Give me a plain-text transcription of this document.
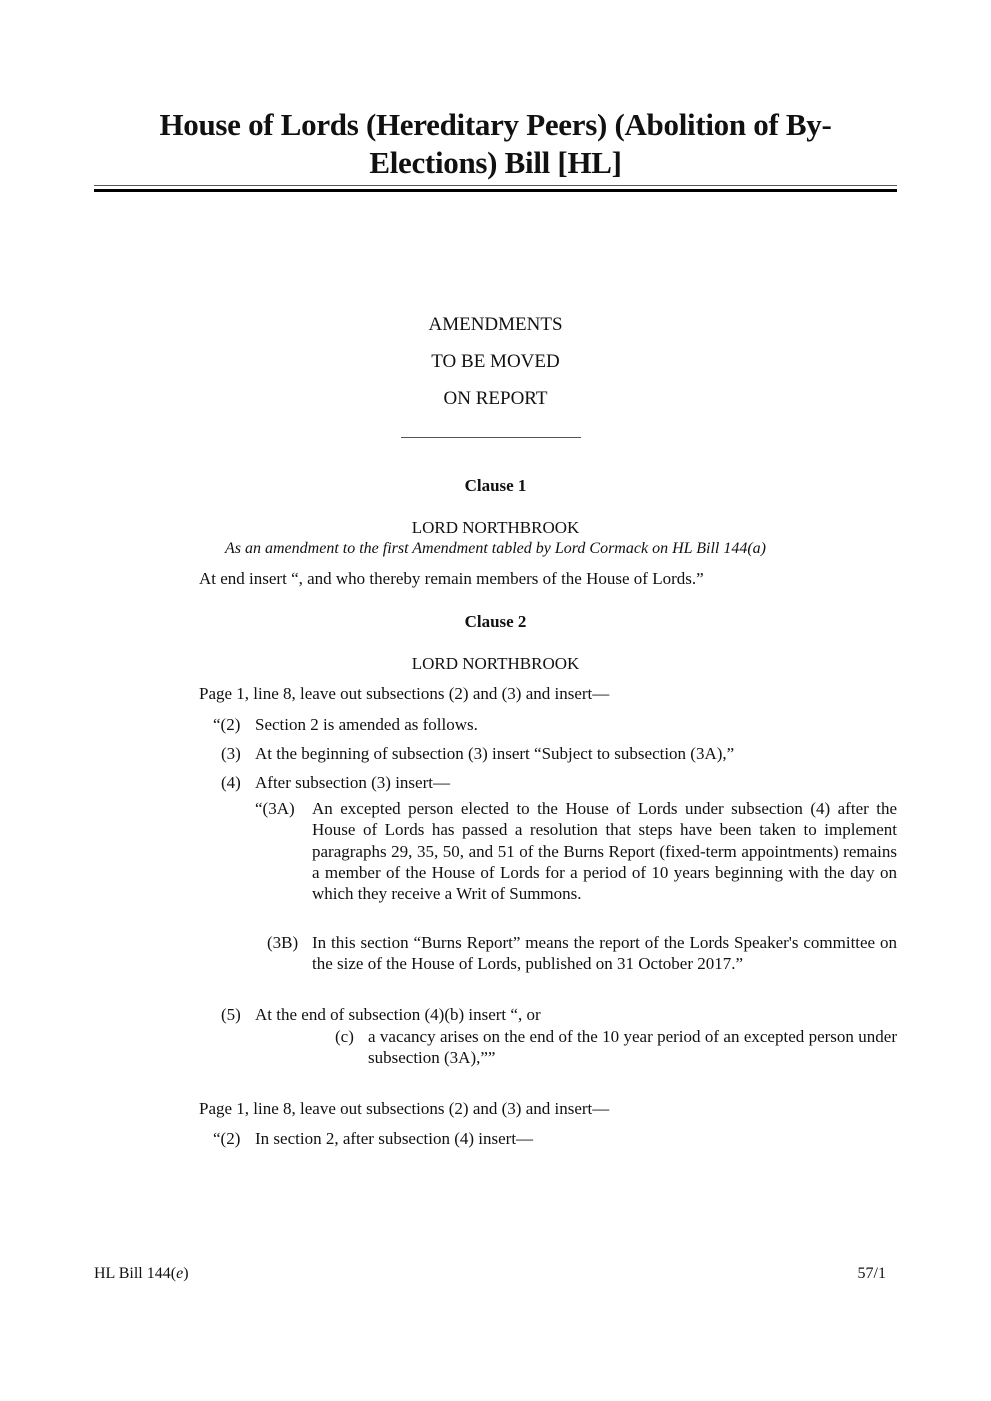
House of Lords (Hereditary Peers) (Abolition of By-
Elections) Bill [HL]
AMENDMENTS
TO BE MOVED
ON REPORT
Clause 1
LORD NORTHBROOK
As an amendment to the first Amendment tabled by Lord Cormack on HL Bill 144(a)
At end insert “, and who thereby remain members of the House of Lords.”
Clause 2
LORD NORTHBROOK
Page 1, line 8, leave out subsections (2) and (3) and insert—
“(2) Section 2 is amended as follows.
(3) At the beginning of subsection (3) insert “Subject to subsection (3A),”
(4) After subsection (3) insert—
“(3A) An excepted person elected to the House of Lords under subsection (4) after the House of Lords has passed a resolution that steps have been taken to implement paragraphs 29, 35, 50, and 51 of the Burns Report (fixed-term appointments) remains a member of the House of Lords for a period of 10 years beginning with the day on which they receive a Writ of Summons.
(3B) In this section “Burns Report” means the report of the Lords Speaker's committee on the size of the House of Lords, published on 31 October 2017.”
(5) At the end of subsection (4)(b) insert “, or
(c) a vacancy arises on the end of the 10 year period of an excepted person under subsection (3A),””
Page 1, line 8, leave out subsections (2) and (3) and insert—
“(2) In section 2, after subsection (4) insert—
HL Bill 144(e)	57/1
